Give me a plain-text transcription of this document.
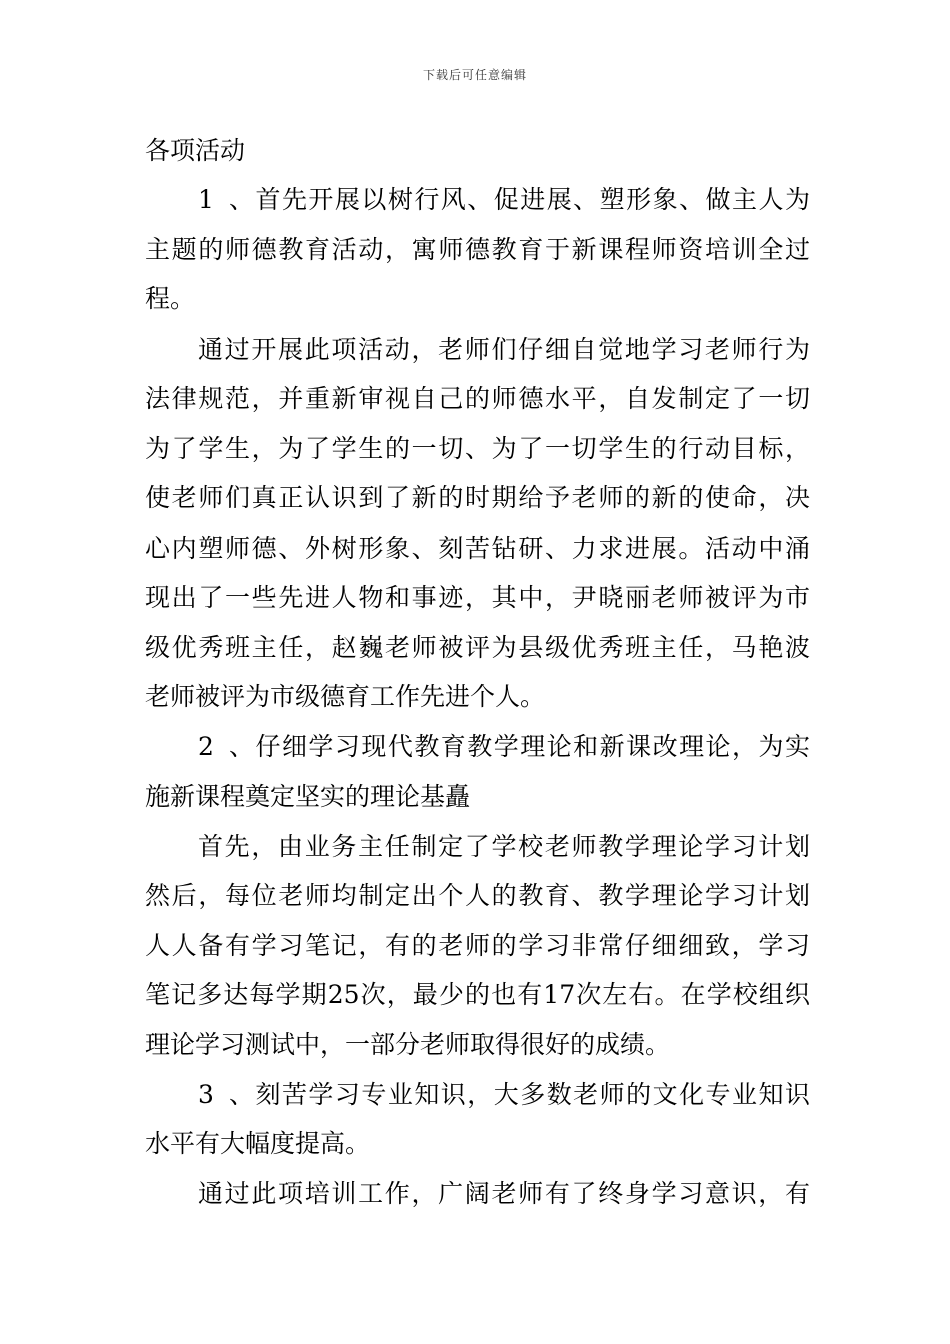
下载后可任意编辑
各项活动
1、首先开展以树行风、促进展、塑形象、做主人为
主题的师德教育活动，寓师德教育于新课程师资培训全过
程。
通过开展此项活动，老师们仔细自觉地学习老师行为
法律规范，并重新审视自己的师德水平，自发制定了一切
为了学生，为了学生的一切、为了一切学生的行动目标，
使老师们真正认识到了新的时期给予老师的新的使命，决
心内塑师德、外树形象、刻苦钻研、力求进展。活动中涌
现出了一些先进人物和事迹，其中，尹晓丽老师被评为市
级优秀班主任，赵巍老师被评为县级优秀班主任，马艳波
老师被评为市级德育工作先进个人。
2、仔细学习现代教育教学理论和新课改理论，为实
施新课程奠定坚实的理论基矗
首先，由业务主任制定了学校老师教学理论学习计划
然后，每位老师均制定出个人的教育、教学理论学习计划
人人备有学习笔记，有的老师的学习非常仔细细致，学习
笔记多达每学期25次，最少的也有17次左右。在学校组织
理论学习测试中，一部分老师取得很好的成绩。
3、刻苦学习专业知识，大多数老师的文化专业知识
水平有大幅度提高。
通过此项培训工作，广阔老师有了终身学习意识，有
